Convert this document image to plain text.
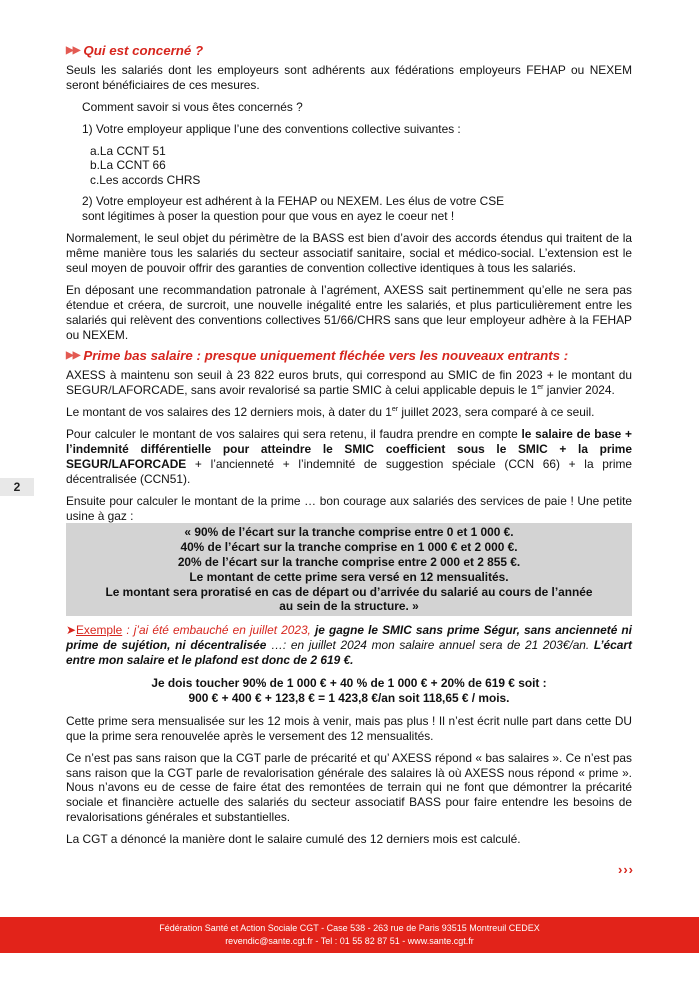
2
▶▶ Qui est concerné ?

Seuls les salariés dont les employeurs sont adhérents aux fédérations employeurs FEHAP ou NEXEM seront bénéficiaires de ces mesures.

Comment savoir si vous êtes concernés ?

1) Votre employeur applique l’une des conventions collective suivantes :

a.La CCNT 51
b.La CCNT 66
c.Les accords CHRS

2) Votre employeur est adhérent à la FEHAP ou NEXEM. Les élus de votre CSE

sont légitimes à poser la question pour que vous en ayez le coeur net !

Normalement, le seul objet du périmètre de la BASS est bien d’avoir des accords étendus qui traitent de la même manière tous les salariés du secteur associatif sanitaire, social et médico-social. L’extension est le seul moyen de pouvoir offrir des garanties de convention collective identiques à tous les salariés.

En déposant une recommandation patronale à l’agrément, AXESS sait pertinemment qu’elle ne sera pas étendue et créera, de surcroit, une nouvelle inégalité entre les salariés, et plus particulièrement entre les salariés qui relèvent des conventions collectives 51/66/CHRS sans que leur employeur adhère à la FEHAP ou NEXEM.

▶▶ Prime bas salaire : presque uniquement fléchée vers les nouveaux entrants :

AXESS à maintenu son seuil à 23 822 euros bruts, qui correspond au SMIC de fin 2023 + le montant du SEGUR/LAFORCADE, sans avoir revalorisé sa partie SMIC à celui applicable depuis le 1er janvier 2024.

Le montant de vos salaires des 12 derniers mois, à dater du 1er juillet 2023, sera comparé à ce seuil.

Pour calculer le montant de vos salaires qui sera retenu, il faudra prendre en compte le salaire de base + l’indemnité différentielle pour atteindre le SMIC coefficient sous le SMIC + la prime SEGUR/LAFORCADE + l’ancienneté + l’indemnité de suggestion spéciale (CCN 66) + la prime décentralisée (CCN51).

Ensuite pour calculer le montant de la prime … bon courage aux salariés des services de paie ! Une petite usine à gaz :

« 90% de l’écart sur la tranche comprise entre 0 et 1 000 €.
40% de l’écart sur la tranche comprise en 1 000 € et 2 000 €.
20% de l’écart sur la tranche comprise entre 2 000 et 2 855 €.
Le montant de cette prime sera versé en 12 mensualités.
Le montant sera proratisé en cas de départ ou d’arrivée du salarié au cours de l’année
au sein de la structure. »

➤Exemple : j’ai été embauché en juillet 2023, je gagne le SMIC sans prime Ségur, sans ancienneté ni prime de sujétion, ni décentralisée …: en juillet 2024 mon salaire annuel sera de 21 203€/an. L’écart entre mon salaire et le plafond est donc de 2 619 €.

Je dois toucher 90% de 1 000 € + 40 % de 1 000 € + 20% de 619 € soit :
900 € + 400 € + 123,8 € = 1 423,8 €/an soit 118,65 € / mois.

Cette prime sera mensualisée sur les 12 mois à venir, mais pas plus ! Il n’est écrit nulle part dans cette DU que la prime sera renouvelée après le versement des 12 mensualités.

Ce n’est pas sans raison que la CGT parle de précarité et qu’ AXESS répond « bas salaires ». Ce n’est pas sans raison que la CGT parle de revalorisation générale des salaires là où AXESS nous répond « prime ». Nous n’avons eu de cesse de faire état des remontées de terrain qui ne font que démontrer la précarité sociale et financière actuelle des salariés du secteur associatif BASS pour faire entendre les besoins de revalorisations générales et substantielles.

La CGT a dénoncé la manière dont le salaire cumulé des 12 derniers mois est calculé.

›››
Fédération Santé et Action Sociale CGT - Case 538 - 263 rue de Paris 93515 Montreuil CEDEX
revendic@sante.cgt.fr - Tel : 01 55 82 87 51 - www.sante.cgt.fr
